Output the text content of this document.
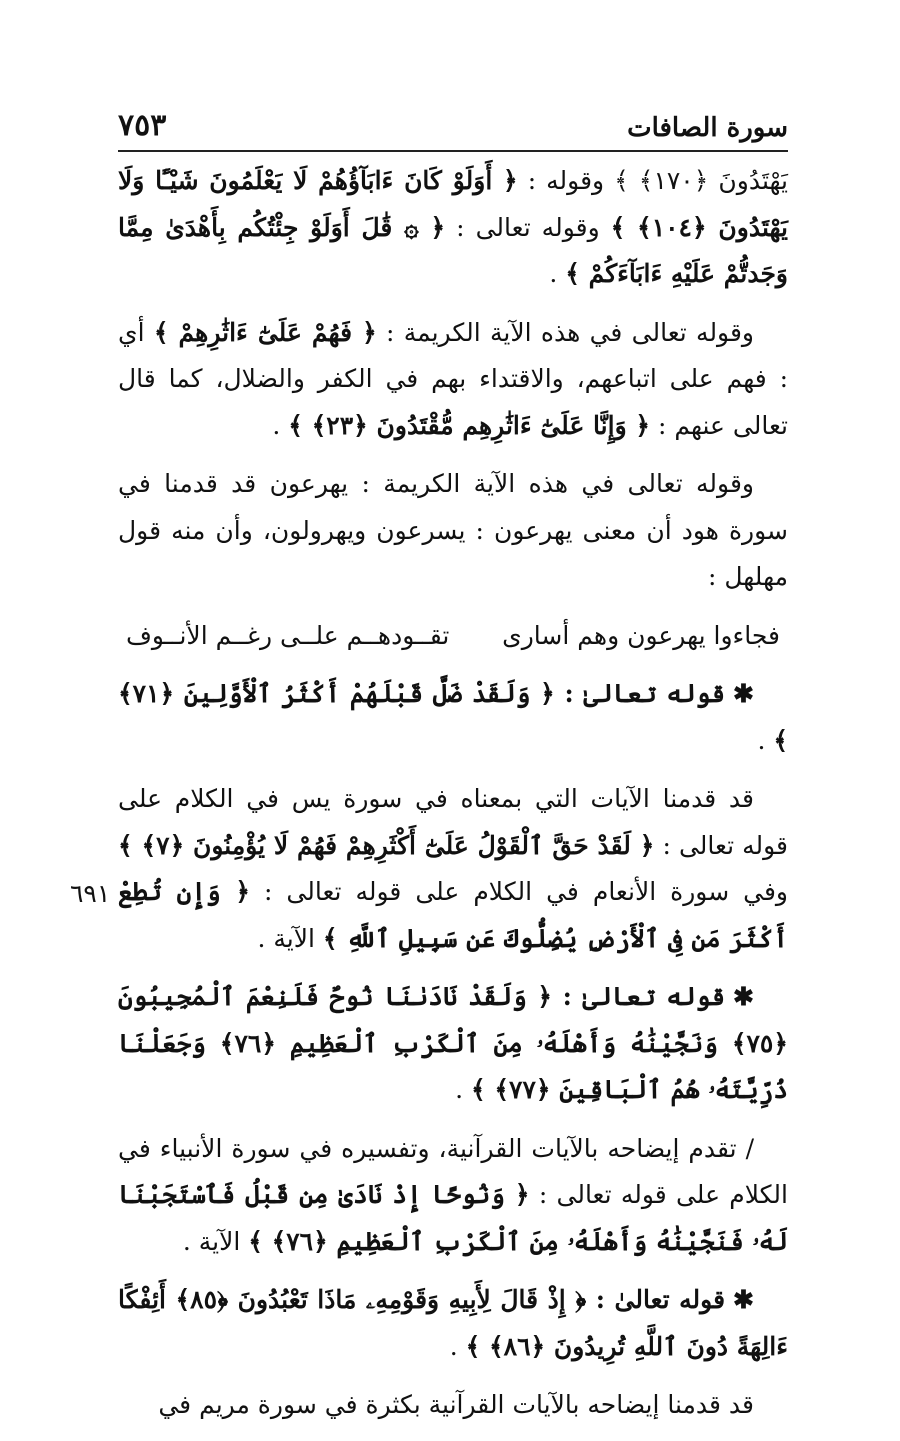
سورة الصافات
٧٥٣
٦٩١

يَهْتَدُونَ ﴿١٧٠﴾ ﴾ وقوله : ﴿ أَوَلَوْ كَانَ ءَابَآؤُهُمْ لَا يَعْلَمُونَ شَيْـًٔا وَلَا يَهْتَدُونَ ﴿١٠٤﴾ ﴾ وقوله تعالى : ﴿ ۞ قَٰلَ أَوَلَوْ جِئْتُكُم بِأَهْدَىٰ مِمَّا وَجَدتُّمْ عَلَيْهِ ءَابَآءَكُمْ ﴾ .

وقوله تعالى في هذه الآية الكريمة : ﴿ فَهُمْ عَلَىٰٓ ءَاثَٰرِهِمْ ﴾ أي : فهم على اتباعهم، والاقتداء بهم في الكفر والضلال، كما قال تعالى عنهم : ﴿ وَإِنَّا عَلَىٰٓ ءَاثَٰرِهِم مُّقْتَدُونَ ﴿٢٣﴾ ﴾ .

وقوله تعالى في هذه الآية الكريمة : يهرعون قد قدمنا في سورة هود أن معنى يهرعون : يسرعون ويهرولون، وأن منه قول مهلهل :

فجاءوا يهرعون وهم أسارى
تقــودهــم علــى رغــم الأنــوف

✱قوله تعالىٰ : ﴿ وَلَقَدْ ضَلَّ قَبْلَهُمْ أَكْثَرُ ٱلْأَوَّلِينَ ﴿٧١﴾ ﴾ .

قد قدمنا الآيات التي بمعناه في سورة يس في الكلام على قوله تعالى : ﴿ لَقَدْ حَقَّ ٱلْقَوْلُ عَلَىٰٓ أَكْثَرِهِمْ فَهُمْ لَا يُؤْمِنُونَ ﴿٧﴾ ﴾ وفي سورة الأنعام في الكلام على قوله تعالى : ﴿ وَإِن تُطِعْ أَكْثَرَ مَن فِى ٱلْأَرْضِ يُضِلُّوكَ عَن سَبِيلِ ٱللَّهِ ﴾ الآية .

✱قوله تعالىٰ : ﴿ وَلَقَدْ نَادَىٰنَا نُوحٌ فَلَنِعْمَ ٱلْمُجِيبُونَ ﴿٧٥﴾ وَنَجَّيْنَٰهُ وَأَهْلَهُۥ مِنَ ٱلْكَرْبِ ٱلْعَظِيمِ ﴿٧٦﴾ وَجَعَلْنَا ذُرِّيَّتَهُۥ هُمُ ٱلْبَاقِينَ ﴿٧٧﴾ ﴾ .

/ تقدم إيضاحه بالآيات القرآنية، وتفسيره في سورة الأنبياء في الكلام على قوله تعالى : ﴿ وَنُوحًا إِذْ نَادَىٰ مِن قَبْلُ فَٱسْتَجَبْنَا لَهُۥ فَنَجَّيْنَٰهُ وَأَهْلَهُۥ مِنَ ٱلْكَرْبِ ٱلْعَظِيمِ ﴿٧٦﴾ ﴾ الآية .

✱قوله تعالىٰ : ﴿ إِذْ قَالَ لِأَبِيهِ وَقَوْمِهِۦ مَاذَا تَعْبُدُونَ ﴿٨٥﴾ أَئِفْكًا ءَالِهَةً دُونَ ٱللَّهِ تُرِيدُونَ ﴿٨٦﴾ ﴾ .

قد قدمنا إيضاحه بالآيات القرآنية بكثرة في سورة مريم في
